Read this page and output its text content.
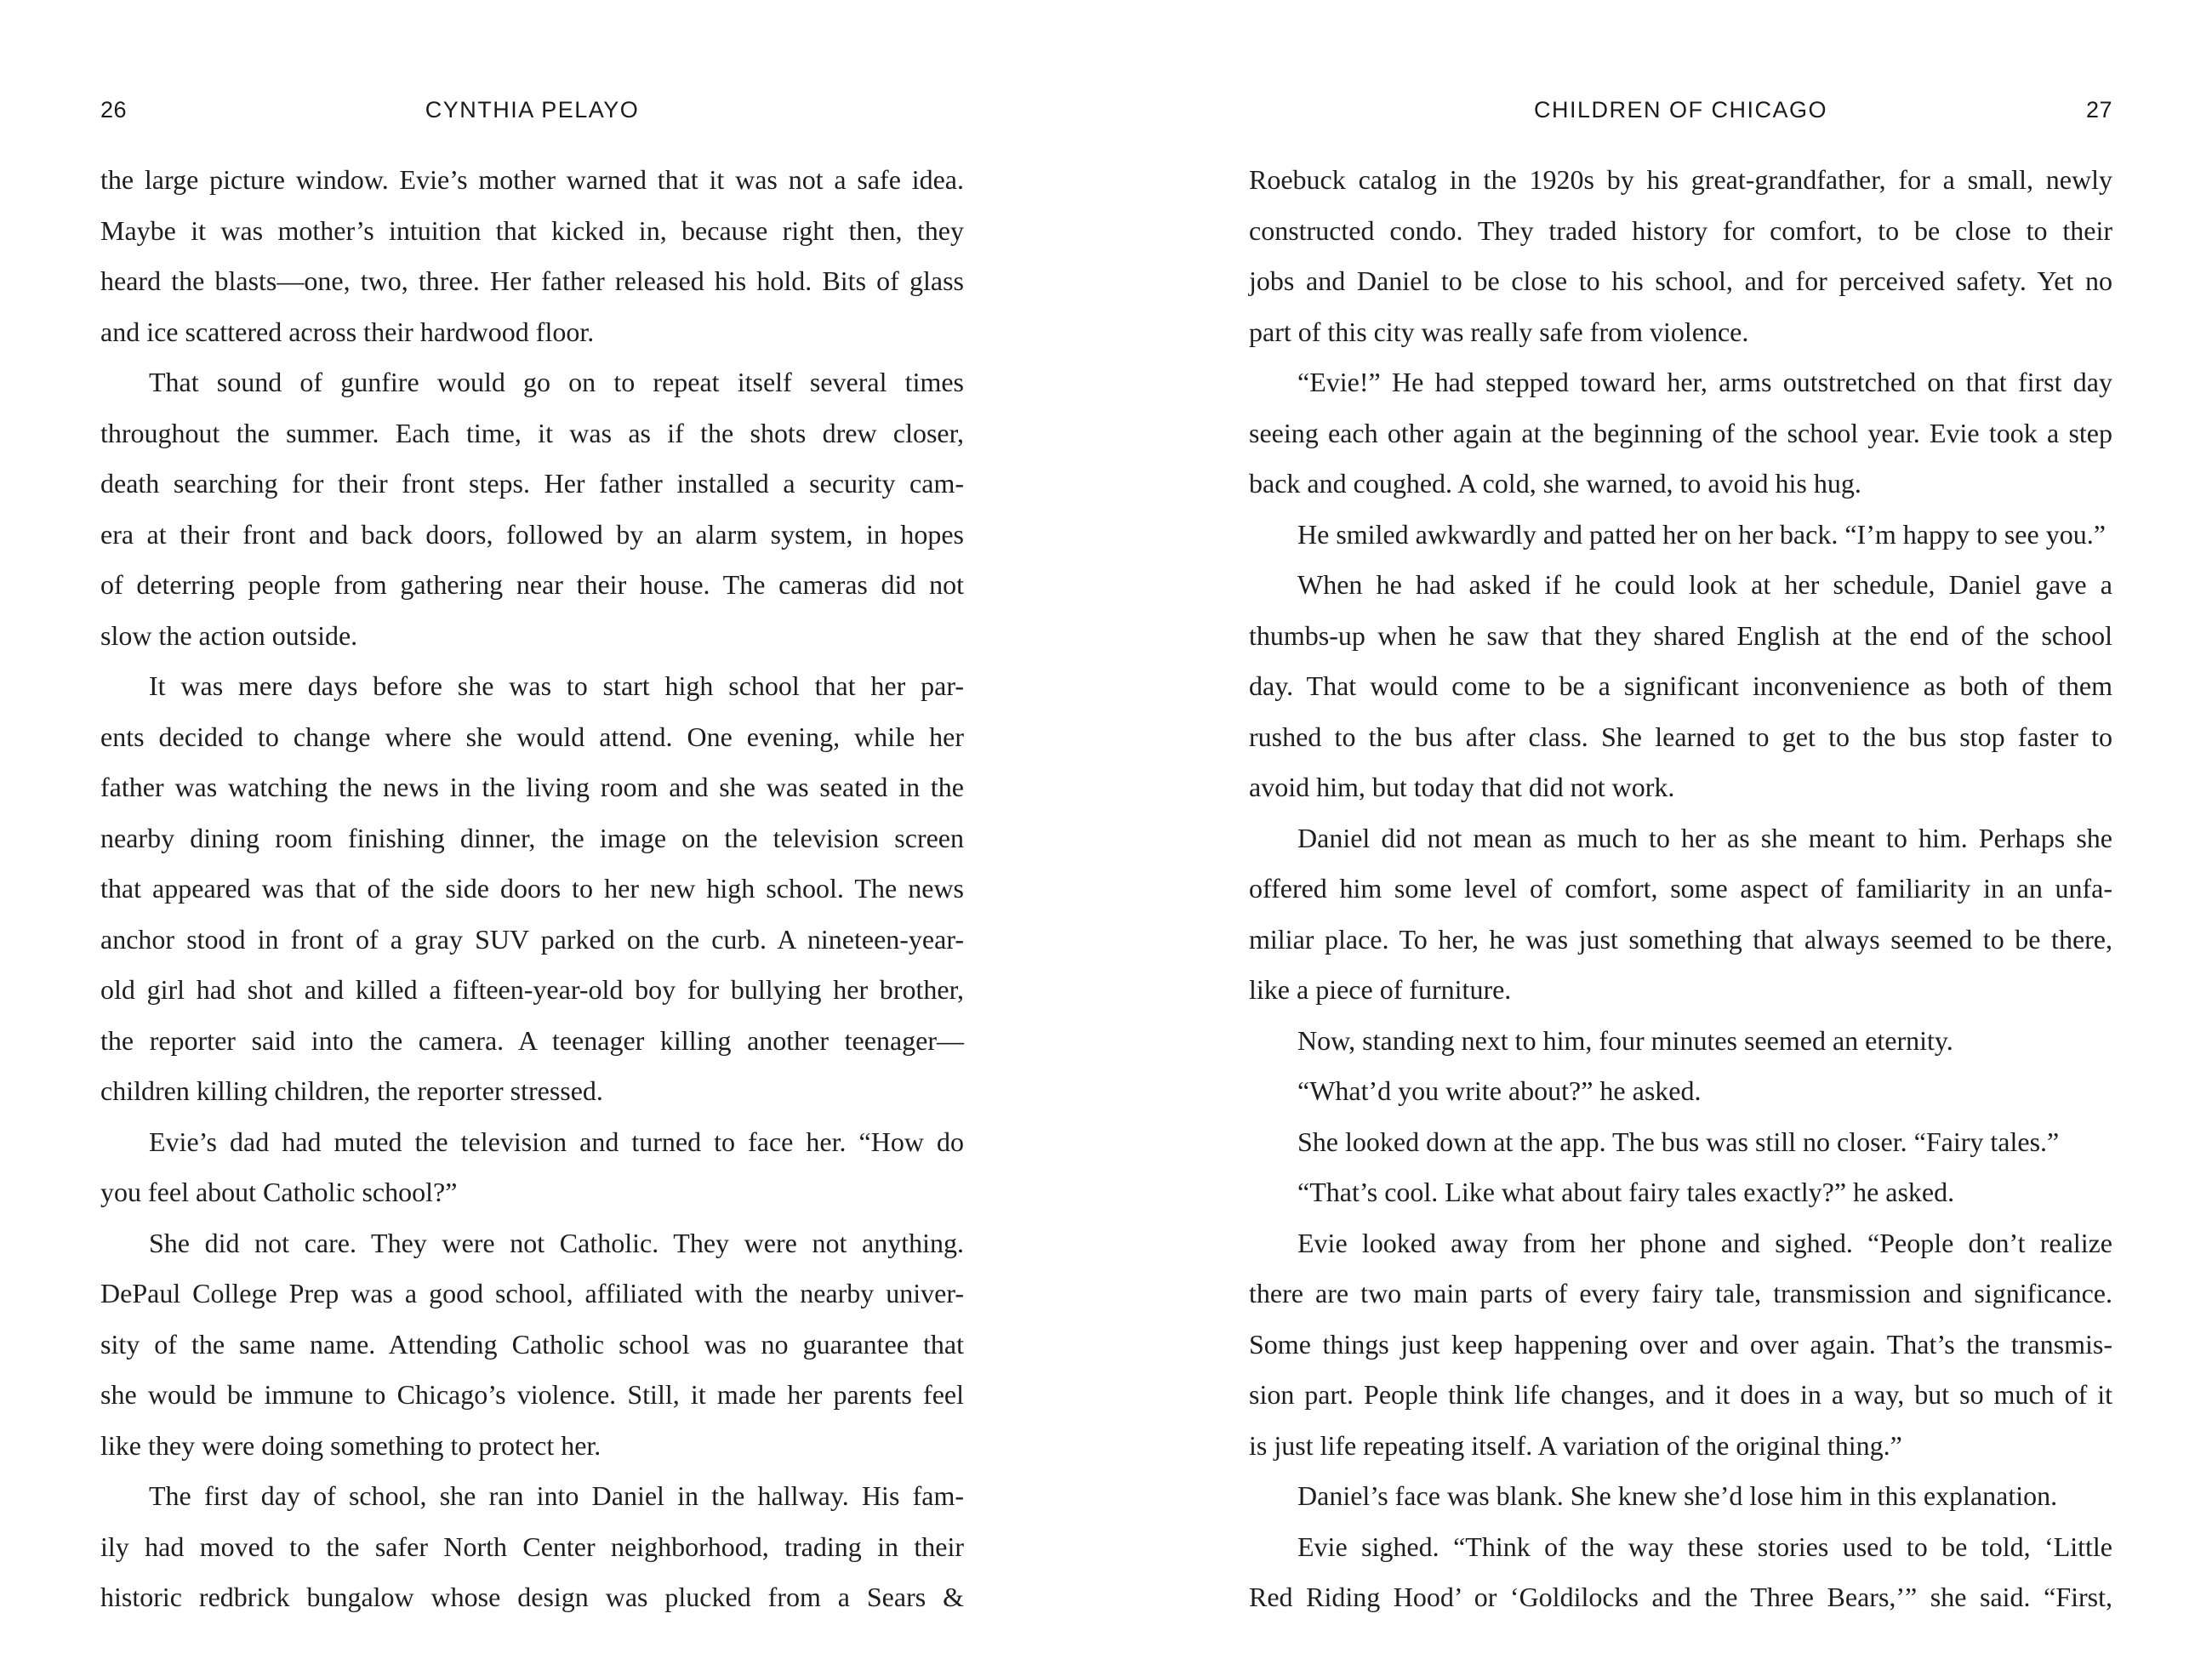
26	CYNTHIA PELAYO
the large picture window. Evie’s mother warned that it was not a safe idea.
Maybe it was mother’s intuition that kicked in, because right then, they
heard the blasts—one, two, three. Her father released his hold. Bits of glass
and ice scattered across their hardwood floor.
That sound of gunfire would go on to repeat itself several times
throughout the summer. Each time, it was as if the shots drew closer,
death searching for their front steps. Her father installed a security cam-
era at their front and back doors, followed by an alarm system, in hopes
of deterring people from gathering near their house. The cameras did not
slow the action outside.
It was mere days before she was to start high school that her par-
ents decided to change where she would attend. One evening, while her
father was watching the news in the living room and she was seated in the
nearby dining room finishing dinner, the image on the television screen
that appeared was that of the side doors to her new high school. The news
anchor stood in front of a gray SUV parked on the curb. A nineteen-year-
old girl had shot and killed a fifteen-year-old boy for bullying her brother,
the reporter said into the camera. A teenager killing another teenager—
children killing children, the reporter stressed.
Evie’s dad had muted the television and turned to face her. “How do
you feel about Catholic school?”
She did not care. They were not Catholic. They were not anything.
DePaul College Prep was a good school, affiliated with the nearby univer-
sity of the same name. Attending Catholic school was no guarantee that
she would be immune to Chicago’s violence. Still, it made her parents feel
like they were doing something to protect her.
The first day of school, she ran into Daniel in the hallway. His fam-
ily had moved to the safer North Center neighborhood, trading in their
historic redbrick bungalow whose design was plucked from a Sears &
CHILDREN OF CHICAGO	27
Roebuck catalog in the 1920s by his great-grandfather, for a small, newly
constructed condo. They traded history for comfort, to be close to their
jobs and Daniel to be close to his school, and for perceived safety. Yet no
part of this city was really safe from violence.
“Evie!” He had stepped toward her, arms outstretched on that first day
seeing each other again at the beginning of the school year. Evie took a step
back and coughed. A cold, she warned, to avoid his hug.
He smiled awkwardly and patted her on her back. “I’m happy to see you.”
When he had asked if he could look at her schedule, Daniel gave a
thumbs-up when he saw that they shared English at the end of the school
day. That would come to be a significant inconvenience as both of them
rushed to the bus after class. She learned to get to the bus stop faster to
avoid him, but today that did not work.
Daniel did not mean as much to her as she meant to him. Perhaps she
offered him some level of comfort, some aspect of familiarity in an unfa-
miliar place. To her, he was just something that always seemed to be there,
like a piece of furniture.
Now, standing next to him, four minutes seemed an eternity.
“What’d you write about?” he asked.
She looked down at the app. The bus was still no closer. “Fairy tales.”
“That’s cool. Like what about fairy tales exactly?” he asked.
Evie looked away from her phone and sighed. “People don’t realize
there are two main parts of every fairy tale, transmission and significance.
Some things just keep happening over and over again. That’s the transmis-
sion part. People think life changes, and it does in a way, but so much of it
is just life repeating itself. A variation of the original thing.”
Daniel’s face was blank. She knew she’d lose him in this explanation.
Evie sighed. “Think of the way these stories used to be told, ‘Little
Red Riding Hood’ or ‘Goldilocks and the Three Bears,’” she said. “First,
